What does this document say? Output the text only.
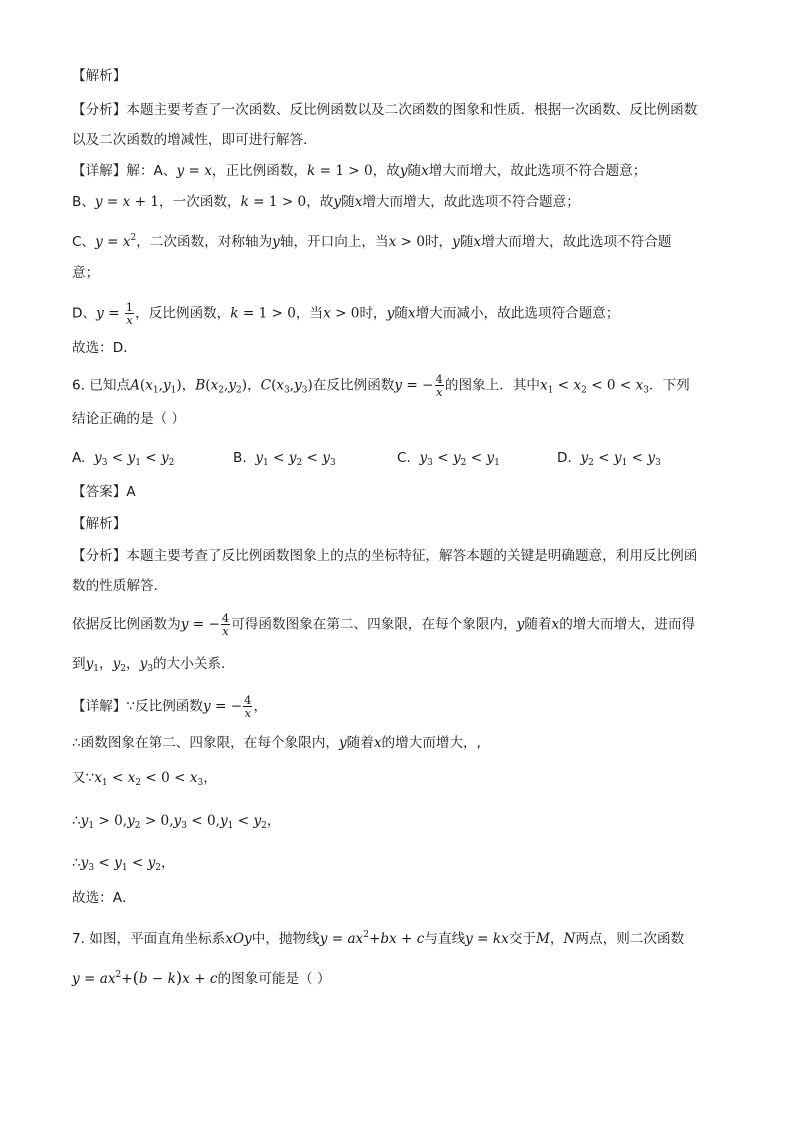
【解析】
【分析】本题主要考查了一次函数、反比例函数以及二次函数的图象和性质．根据一次函数、反比例函数
以及二次函数的增减性，即可进行解答．
【详解】解：A、y = x，正比例函数，k = 1 > 0，故y随x增大而增大，故此选项不符合题意；
B、y = x + 1，一次函数，k = 1 > 0，故y随x增大而增大，故此选项不符合题意；
C、$y = x^2$，二次函数，对称轴为y轴，开口向上，当x > 0时，y随x增大而增大，故此选项不符合题
意；
D、$y = \frac{1}{x}$ ，反比例函数，k = 1 > 0，当x > 0时，y随x增大而减小，故此选项符合题意；
故选：D．
6. 已知点$A(x_1,y_1)$，$B(x_2,y_2)$，$C(x_3,y_3)$在反比例函数y = − $\frac{4}{x}$ 的图象上．其中$x_1 < x_2 < 0 < x_3$．下列
结论正确的是（ ）
A. $y_3 < y_1 < y_2$	B. $y_1 < y_2 < y_3$	C. $y_3 < y_2 < y_1$	D. $y_2 < y_1 < y_3$
【答案】A
【解析】
【分析】本题主要考查了反比例函数图象上的点的坐标特征，解答本题的关键是明确题意，利用反比例函
数的性质解答．
依据反比例函数为y = − $\frac{4}{x}$ 可得函数图象在第二、四象限，在每个象限内，y随着x的增大而增大，进而得
到$y_1$，$y_2$，$y_3$的大小关系．
【详解】∵反比例函数y = − $\frac{4}{x}$ ，
∴函数图象在第二、四象限，在每个象限内，y随着x的增大而增大，,
又$\because x_1 < x_2 < 0 < x_3$，
$\therefore y_1 > 0,y_2 > 0,y_3 < 0,y_1 < y_2$，
$\therefore y_3 < y_1 < y_2$，
故选：A．
7. 如图，平面直角坐标系xOy中，抛物线$y = ax^2+bx + c$与直线y = kx交于M，N两点，则二次函数
$y = ax^2+(b - k)x + c$的图象可能是（ ）
